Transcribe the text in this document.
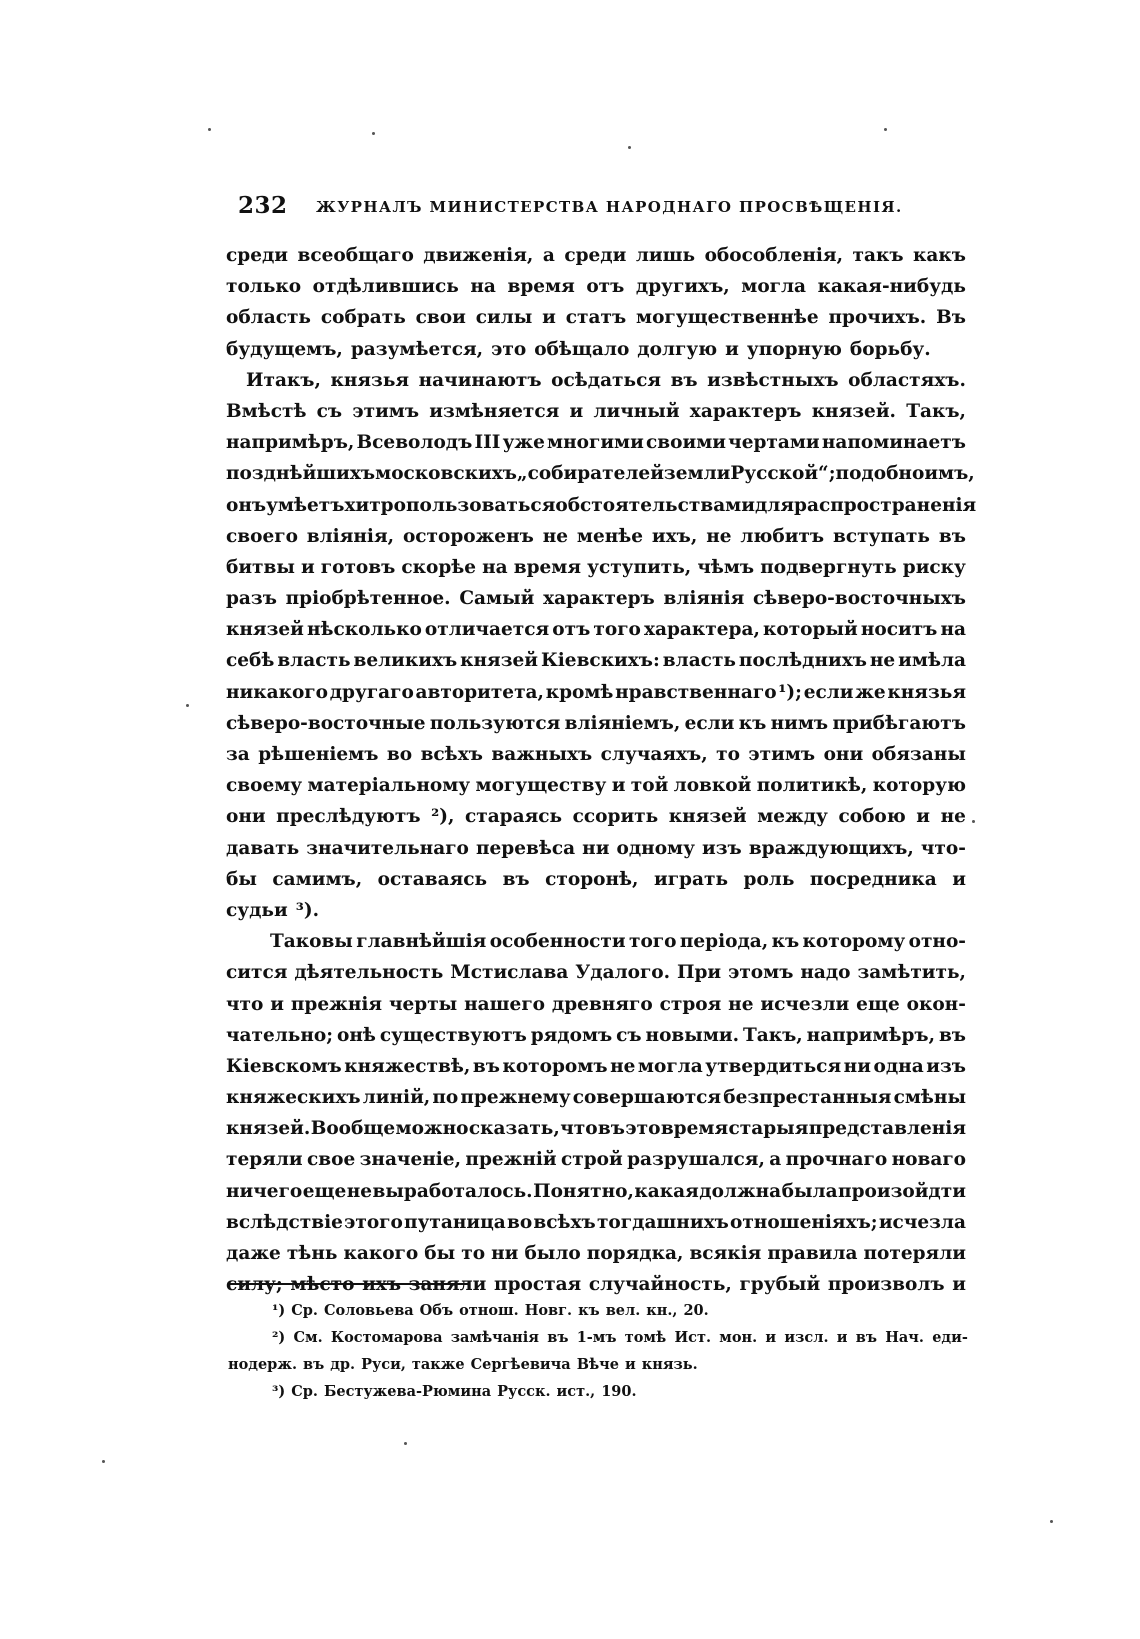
232 ЖУРНАЛЪ МИНИСТЕРСТВА НАРОДНАГО ПРОСВѢЩЕНІЯ.
среди всеобщаго движенія, а среди лишь обособленія, такъ какъ
только отдѣлившись на время отъ другихъ, могла какая-нибудь
область собрать свои силы и статъ могущественнѣе прочихъ. Въ
будущемъ, разумѣется, это обѣщало долгую и упорную борьбу.
Итакъ, князья начинаютъ осѣдаться въ извѣстныхъ областяхъ.
Вмѣстѣ съ этимъ измѣняется и личный характеръ князей. Такъ,
напримѣръ, Всеволодъ III уже многими своими чертами напоминаетъ
позднѣйшихъ московскихъ „собирателей земли Русской“; подобно имъ,
онъ умѣетъ хитро пользоваться обстоятельствами для распространенія
своего вліянія, остороженъ не менѣе ихъ, не любитъ вступать въ
битвы и готовъ скорѣе на время уступить, чѣмъ подвергнуть риску
разъ пріобрѣтенное. Самый характеръ вліянія сѣверо-восточныхъ
князей нѣсколько отличается отъ того характера, который носитъ на
себѣ власть великихъ князей Кіевскихъ: власть послѣднихъ не имѣла
никакого другаго авторитета, кромѣ нравственнаго ¹); если же князья
сѣверо-восточные пользуются вліяніемъ, если къ нимъ прибѣгаютъ
за рѣшеніемъ во всѣхъ важныхъ случаяхъ, то этимъ они обязаны
своему матеріальному могуществу и той ловкой политикѣ, которую
они преслѣдуютъ ²), стараясь ссорить князей между собою и не
давать значительнаго перевѣса ни одному изъ враждующихъ, что-
бы самимъ, оставаясь въ сторонѣ, играть роль посредника и
судьи ³).
Таковы главнѣйшія особенности того періода, къ которому отно-
сится дѣятельность Мстислава Удалого. При этомъ надо замѣтить,
что и прежнія черты нашего древняго строя не исчезли еще окон-
чательно; онѣ существуютъ рядомъ съ новыми. Такъ, напримѣръ, въ
Кіевскомъ княжествѣ, въ которомъ не могла утвердиться ни одна изъ
княжескихъ линій, по прежнему совершаются безпрестанныя смѣны
князей. Вообще можно сказать, что въ это время старыя представленія
теряли свое значеніе, прежній строй разрушался, а прочнаго новаго
ничего еще не выработалось. Понятно, какая должна была произойдти
вслѣдствіе этого путаница во всѣхъ тогдашнихъ отношеніяхъ; исчезла
даже тѣнь какого бы то ни было порядка, всякія правила потеряли
силу; мѣсто ихъ заняли простая случайность, грубый произволъ и
¹) Ср. Соловьева Объ отнош. Новг. къ вел. кн., 20.
²) См. Костомарова замѣчанія въ 1-мъ томѣ Ист. мон. и изсл. и въ Нач. еди-
нодерж. въ др. Руси, также Сергѣевича Вѣче и князь.
³) Ср. Бестужева-Рюмина Русск. ист., 190.
